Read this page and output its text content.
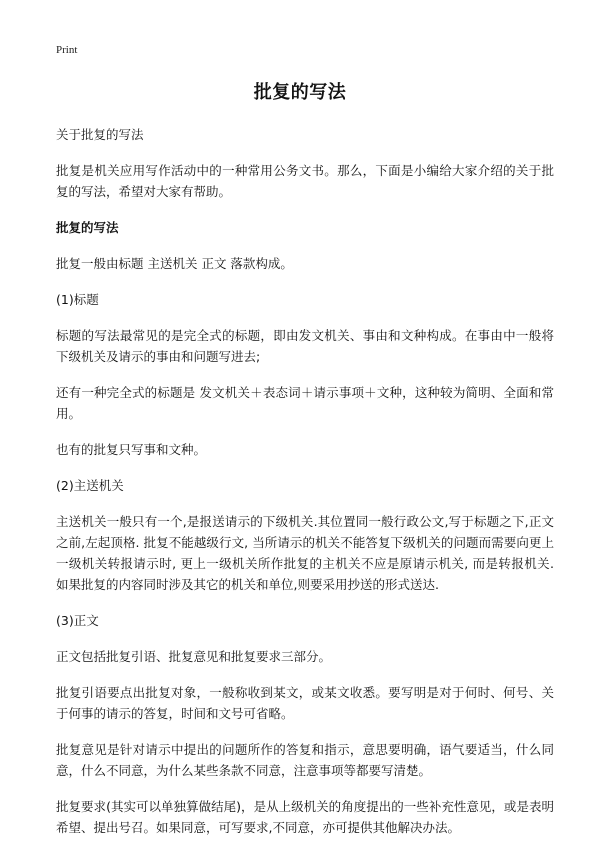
Print
批复的写法

关于批复的写法

批复是机关应用写作活动中的一种常用公务文书。那么，下面是小编给大家介绍的关于批复的写法，希望对大家有帮助。

批复的写法

批复一般由标题 主送机关 正文 落款构成。

(1)标题

标题的写法最常见的是完全式的标题，即由发文机关、事由和文种构成。在事由中一般将下级机关及请示的事由和问题写进去;

还有一种完全式的标题是 发文机关＋表态词＋请示事项＋文种，这种较为简明、全面和常用。

也有的批复只写事和文种。

(2)主送机关

主送机关一般只有一个,是报送请示的下级机关.其位置同一般行政公文,写于标题之下,正文之前,左起顶格. 批复不能越级行文, 当所请示的机关不能答复下级机关的问题而需要向更上一级机关转报请示时, 更上一级机关所作批复的主机关不应是原请示机关, 而是转报机关. 如果批复的内容同时涉及其它的机关和单位,则要采用抄送的形式送达.

(3)正文

正文包括批复引语、批复意见和批复要求三部分。

批复引语要点出批复对象，一般称收到某文，或某文收悉。要写明是对于何时、何号、关于何事的请示的答复，时间和文号可省略。

批复意见是针对请示中提出的问题所作的答复和指示，意思要明确，语气要适当，什么同意，什么不同意，为什么某些条款不同意，注意事项等都要写清楚。

批复要求(其实可以单独算做结尾)，是从上级机关的角度提出的一些补充性意见，或是表明希望、提出号召。如果同意，可写要求,不同意，亦可提供其他解决办法。
